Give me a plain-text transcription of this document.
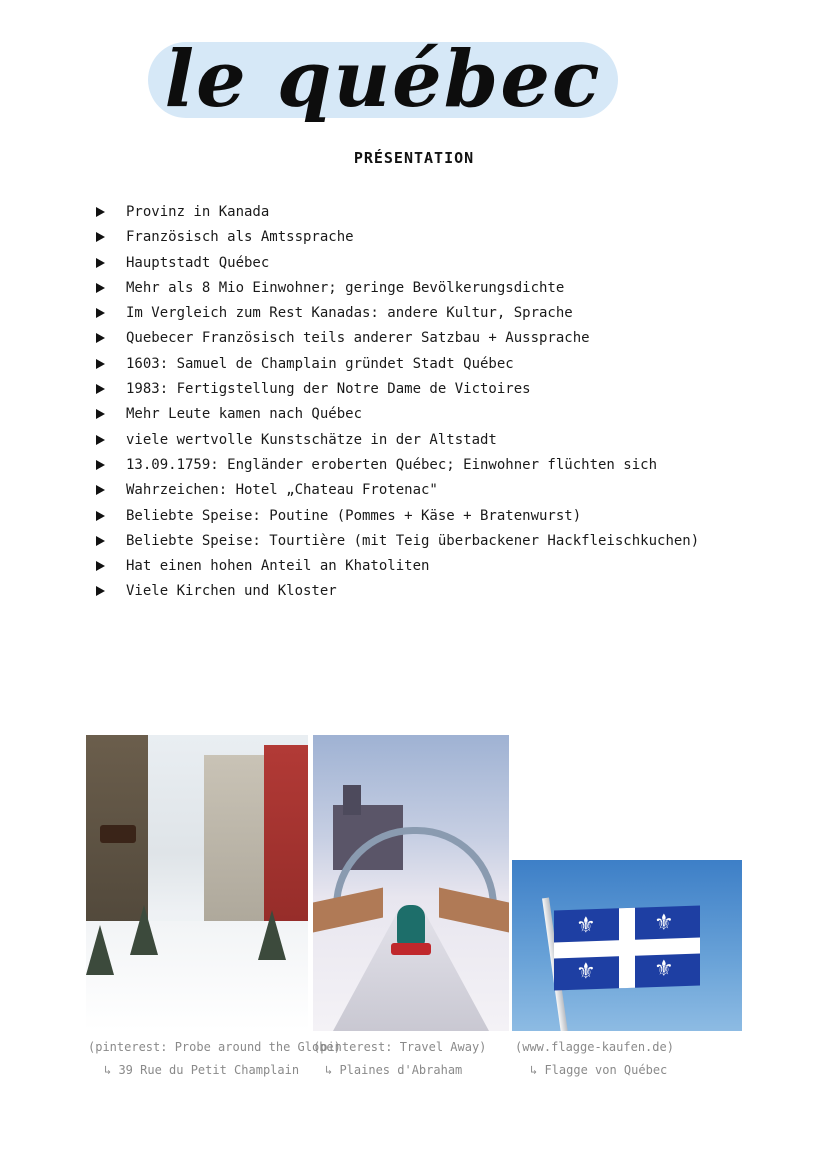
le québec
PRÉSENTATION
Provinz in Kanada
Französisch als Amtssprache
Hauptstadt Québec
Mehr als 8 Mio Einwohner; geringe Bevölkerungsdichte
Im Vergleich zum Rest Kanadas: andere Kultur, Sprache
Quebecer Französisch teils anderer Satzbau + Aussprache
1603: Samuel de Champlain gründet Stadt Québec
1983: Fertigstellung der Notre Dame de Victoires
Mehr Leute kamen nach Québec
viele wertvolle Kunstschätze in der Altstadt
13.09.1759: Engländer eroberten Québec; Einwohner flüchten sich
Wahrzeichen: Hotel „Chateau Frotenac"
Beliebte Speise: Poutine (Pommes + Käse + Bratenwurst)
Beliebte Speise: Tourtière (mit Teig überbackener Hackfleischkuchen)
Hat einen hohen Anteil an Khatoliten
Viele Kirchen und Kloster
⚜	⚜
⚜	⚜
(pinterest: Probe around the Globe)
↳ 39 Rue du Petit Champlain
(pinterest: Travel Away)
↳ Plaines d'Abraham
(www.flagge-kaufen.de)
↳ Flagge von Québec
